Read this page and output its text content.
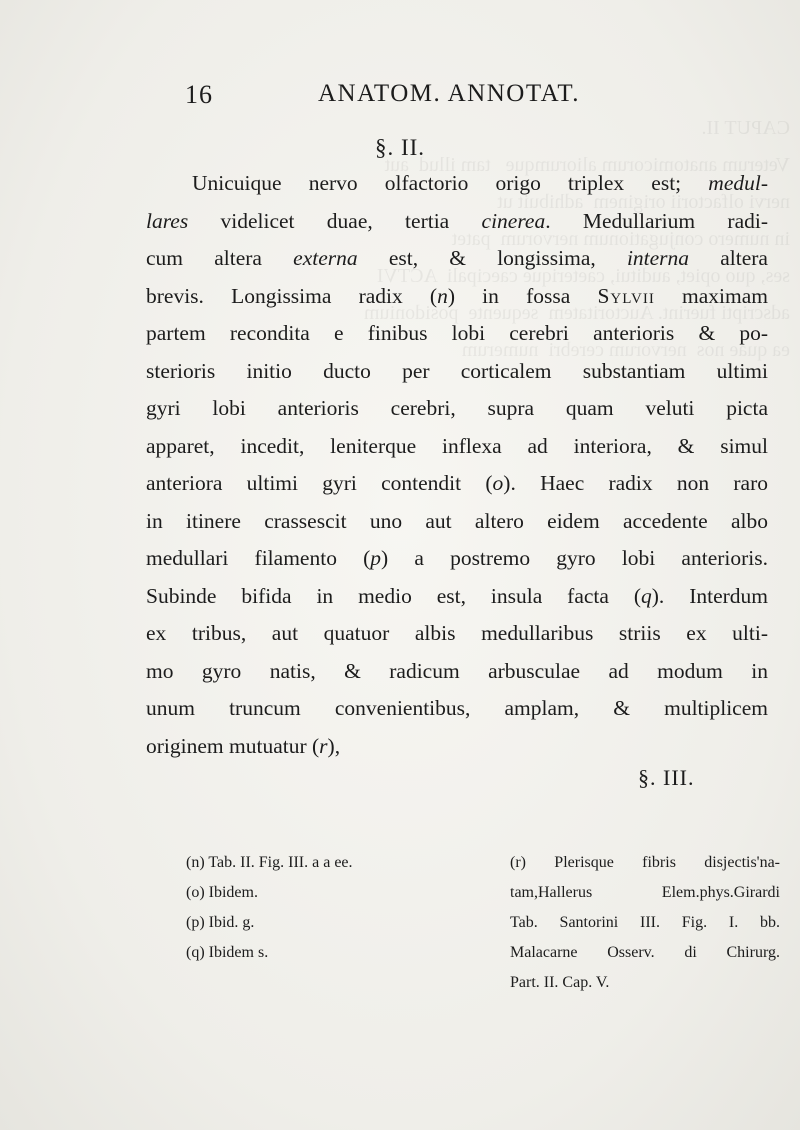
CAPUT II.
Veterum anatomicorum aliorumque   tam illud  aut
nervi olfactorii originem  adhibuit ut
in numero conjugationum nervorum  patet
ses, quo opiet, auditui, caeterique caecipali  ACTVI
adscripti fuerint. Auctoritatem  sequente  posidonium
ea quae nos  nervorum cerebri  numerum

16	ANATOM. ANNOTAT.
§. II.
Unicuique nervo olfactorio origo triplex est; medul-
lares videlicet duae, tertia cinerea. Medullarium radi-
cum altera externa est, & longissima, interna altera
brevis. Longissima radix (n) in fossa Sylvii maximam
partem recondita e finibus lobi cerebri anterioris & po-
sterioris initio ducto per corticalem substantiam ultimi
gyri lobi anterioris cerebri, supra quam veluti picta
apparet, incedit, leniterque inflexa ad interiora, & simul
anteriora ultimi gyri contendit (o). Haec radix non raro
in itinere crassescit uno aut altero eidem accedente albo
medullari filamento (p) a postremo gyro lobi anterioris.
Subinde bifida in medio est, insula facta (q). Interdum
ex tribus, aut quatuor albis medullaribus striis ex ulti-
mo gyro natis, & radicum arbusculae ad modum in
unum truncum convenientibus, amplam, & multiplicem
originem mutuatur (r),
§. III.
(n) Tab. II. Fig. III. a a ee.
(o) Ibidem.
(p) Ibid. g.
(q) Ibidem s.
(r) Plerisque fibris disjectis'na-
tam,Hallerus Elem.phys.Girardi
Tab. Santorini III. Fig. I. bb.
Malacarne Osserv. di Chirurg.
Part. II. Cap. V.
